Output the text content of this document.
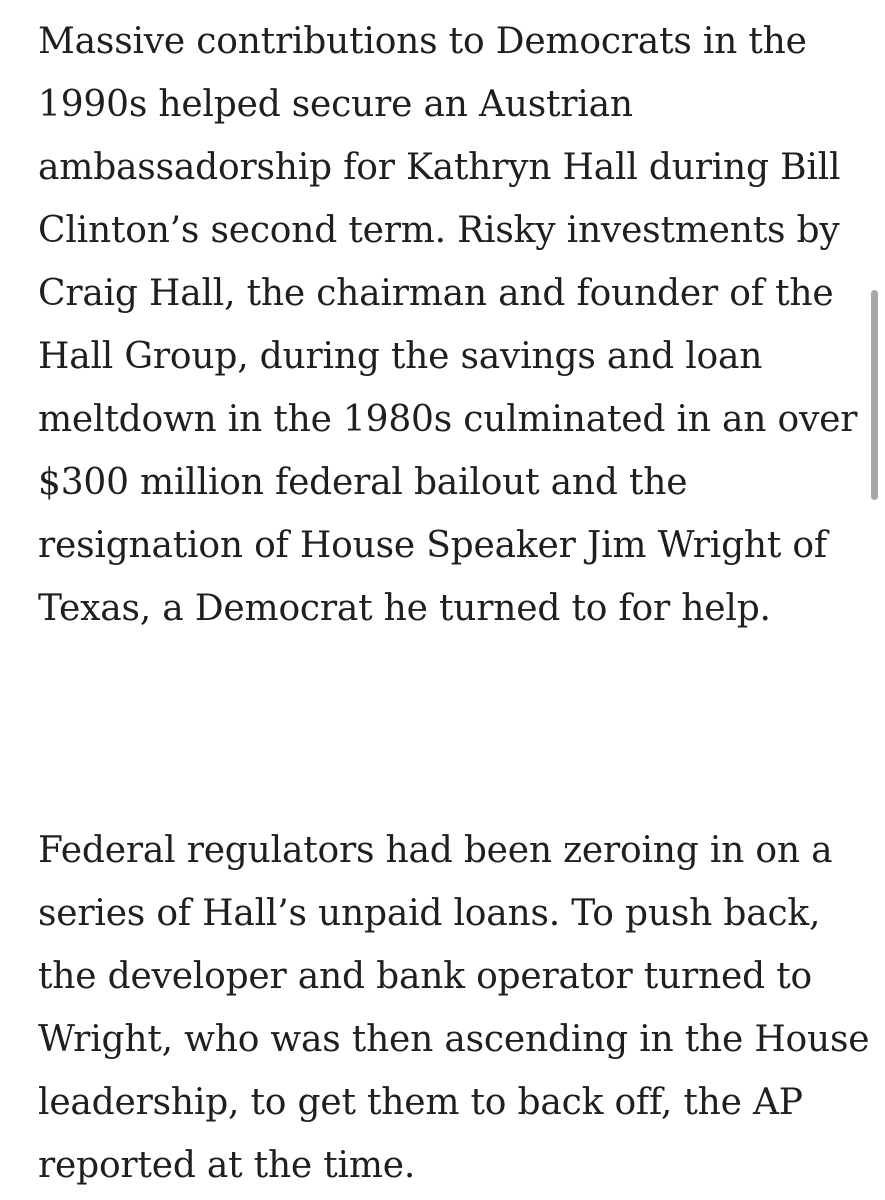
Massive contributions to Democrats in the
1990s helped secure an Austrian
ambassadorship for Kathryn Hall during Bill
Clinton’s second term. Risky investments by
Craig Hall, the chairman and founder of the
Hall Group, during the savings and loan
meltdown in the 1980s culminated in an over
$300 million federal bailout and the
resignation of House Speaker Jim Wright of
Texas, a Democrat he turned to for help.

Federal regulators had been zeroing in on a
series of Hall’s unpaid loans. To push back,
the developer and bank operator turned to
Wright, who was then ascending in the House
leadership, to get them to back off, the AP
reported at the time.
